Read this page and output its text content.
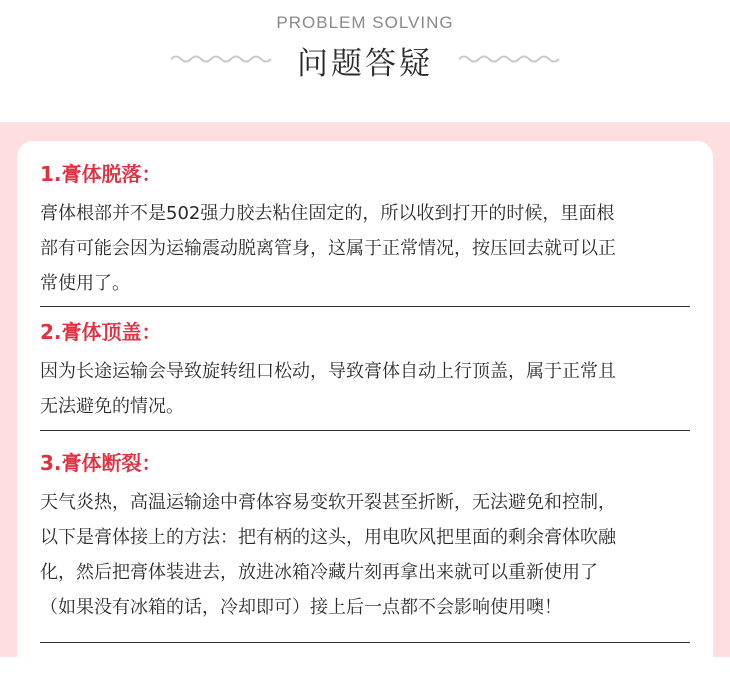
PROBLEM SOLVING
问题答疑

1.膏体脱落：

膏体根部并不是502强力胶去粘住固定的，所以收到打开的时候，里面根

部有可能会因为运输震动脱离管身，这属于正常情况，按压回去就可以正

常使用了。

2.膏体顶盖：

因为长途运输会导致旋转纽口松动，导致膏体自动上行顶盖，属于正常且

无法避免的情况。

3.膏体断裂：

天气炎热，高温运输途中膏体容易变软开裂甚至折断，无法避免和控制，

以下是膏体接上的方法：把有柄的这头，用电吹风把里面的剩余膏体吹融

化，然后把膏体装进去，放进冰箱冷藏片刻再拿出来就可以重新使用了

（如果没有冰箱的话，冷却即可）接上后一点都不会影响使用噢！
